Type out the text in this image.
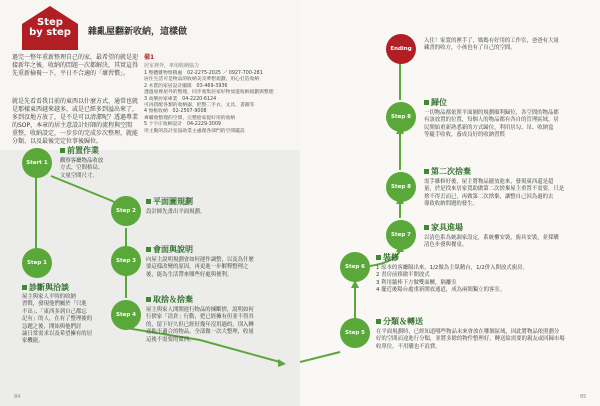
Step
by step	雜亂屋翻新收納，這樣做
過完一整年重新整理自己的家，最希望的就是迎接新年之後，收納的問題一次都解決，其實這得先重新檢視一下，平日不合適的「壞習慣」。
就是先看看我目前的東西以什麼方式，通常也就是那樣東西越來越多，或是已經多到溢出來了，多到沒地方放了，是不是可以清潔呢？透過專業的SOP，本章的居主意設計好師的流程與空間重整，收納設定，一步步的完成步次整理，就能分類、以及最後完定位事後歸位。
備1
居室裡外，車用收納協力
1 整體雜物堆積處　02-2275-2025 ／ 0927-700-281
居住生活可是物品的收納美及夢想規劃，用心打造收納
2 木質的家居設計團隊　03-469-3936
透過屋裡屋外的整理，同步收集居家好物放進收納規劃與整理
3 高樂居家專業　04-2220-6124
可再搭配各類的收納器，把整二手衣、文具、書籍等
4 無框收納　02-2507-9008
專職收整理的空間，完整給家提好用的收納
5 十字庄收納設計　04-2229-3009
用主動的設計室協助業主處理各部門的空間擺設
Start 1
前置作業
觀察客廳物品收放
方式、空間格局、
文量空間尺寸。
Step 1
診斷與洽談
屋主與家人平時的收納
習慣，發現他們屬於「只進
不出」、「東西多到自己都忘
記有」的人，在有了整理後的
急題之後，開始與他們討
論日常需求以及希望擁有的居
家機能。
Step 2
平面圖規劃
設計師先畫出平面規劃。
Step 3
會面與說明
向屋主說明規劃會如何運作調整，以及為什麼
要這樣改變的原因，再更進一步解釋整理之
後，能為生活帶來哪些好處與便利。
Step 4
取捨＆捨棄
屋主與家人開開進行物品的揀斷捨，說明如何
行捨家「清倉」行動，把已經擁有但並不得其
的，留下好久但已經好幾年沒用過的，別入轉
送他不適合的物品，全部做一次大整理，收量
這後不需要的東西。
84
Ending
入住！家寬的裡手了，媽媽有好用的工作室，爸爸有大量
藏書的收方，小孩也有了自己的空間。
Step 8
歸位
一切物品都依照平面圖的規劃順利歸位，各空間的物品都
有該放置的位置，每個人的物品都有各自的管理區域，居
民開始重新熟悉新的方式歸位，利用居勾、吊、收納盒
等隨手收收，養成良好的收納習慣
Step 8
第二次捨棄
需手雜修好後，屋主將物品擺放進來，發現東西還是超
量，於是找來居家寬助做第二次捨棄屋主重置不需要，只是
捨不得丟而已，再做第二次捨棄，讓整自己因為過的去
導致收納問題的發生。
Step 7
家具進場
以清色系為統調家設定，系統櫃安裝，廚具安裝，並採購
清色步發與餐桌。
Step 6
裝修
1 原本的客廳隔出來，1/2做為主臥精台，1/2併入開放式廚房。
2 書房前移做半開放式
3 利用牆棒下方做雙面櫃，隔離室
4 擺近後陽台處重新開放通道，成為兩間獨立的客室。
Step 5
分類＆轉送
在平面規劃時，已經知道哪些物品未來會放在哪個區域，因此將物品依照劃分
好的空間而途進行分類，並將多餘的物件整理好，轉送給需要的親友或回歸市場
收單位，不用購也不浪費。
85
